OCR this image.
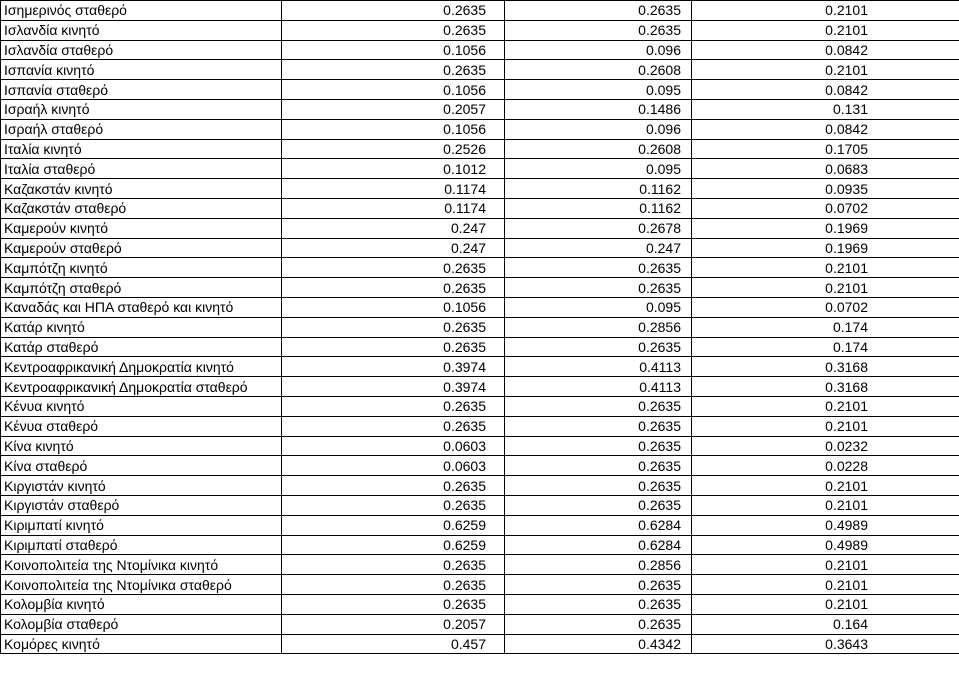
Ισημερινός σταθερό	0.2635	0.2635	0.2101
Ισλανδία κινητό	0.2635	0.2635	0.2101
Ισλανδία σταθερό	0.1056	0.096	0.0842
Ισπανία κινητό	0.2635	0.2608	0.2101
Ισπανία σταθερό	0.1056	0.095	0.0842
Ισραήλ κινητό	0.2057	0.1486	0.131
Ισραήλ σταθερό	0.1056	0.096	0.0842
Ιταλία κινητό	0.2526	0.2608	0.1705
Ιταλία σταθερό	0.1012	0.095	0.0683
Καζακστάν κινητό	0.1174	0.1162	0.0935
Καζακστάν σταθερό	0.1174	0.1162	0.0702
Καμερούν κινητό	0.247	0.2678	0.1969
Καμερούν σταθερό	0.247	0.247	0.1969
Καμπότζη κινητό	0.2635	0.2635	0.2101
Καμπότζη σταθερό	0.2635	0.2635	0.2101
Καναδάς και ΗΠΑ σταθερό και κινητό	0.1056	0.095	0.0702
Κατάρ κινητό	0.2635	0.2856	0.174
Κατάρ σταθερό	0.2635	0.2635	0.174
Κεντροαφρικανική Δημοκρατία κινητό	0.3974	0.4113	0.3168
Κεντροαφρικανική Δημοκρατία σταθερό	0.3974	0.4113	0.3168
Κένυα κινητό	0.2635	0.2635	0.2101
Κένυα σταθερό	0.2635	0.2635	0.2101
Κίνα κινητό	0.0603	0.2635	0.0232
Κίνα σταθερό	0.0603	0.2635	0.0228
Κιργιστάν κινητό	0.2635	0.2635	0.2101
Κιργιστάν σταθερό	0.2635	0.2635	0.2101
Κιριμπατί κινητό	0.6259	0.6284	0.4989
Κιριμπατί σταθερό	0.6259	0.6284	0.4989
Κοινοπολιτεία της Ντομίνικα κινητό	0.2635	0.2856	0.2101
Κοινοπολιτεία της Ντομίνικα σταθερό	0.2635	0.2635	0.2101
Κολομβία κινητό	0.2635	0.2635	0.2101
Κολομβία σταθερό	0.2057	0.2635	0.164
Κομόρες κινητό	0.457	0.4342	0.3643
